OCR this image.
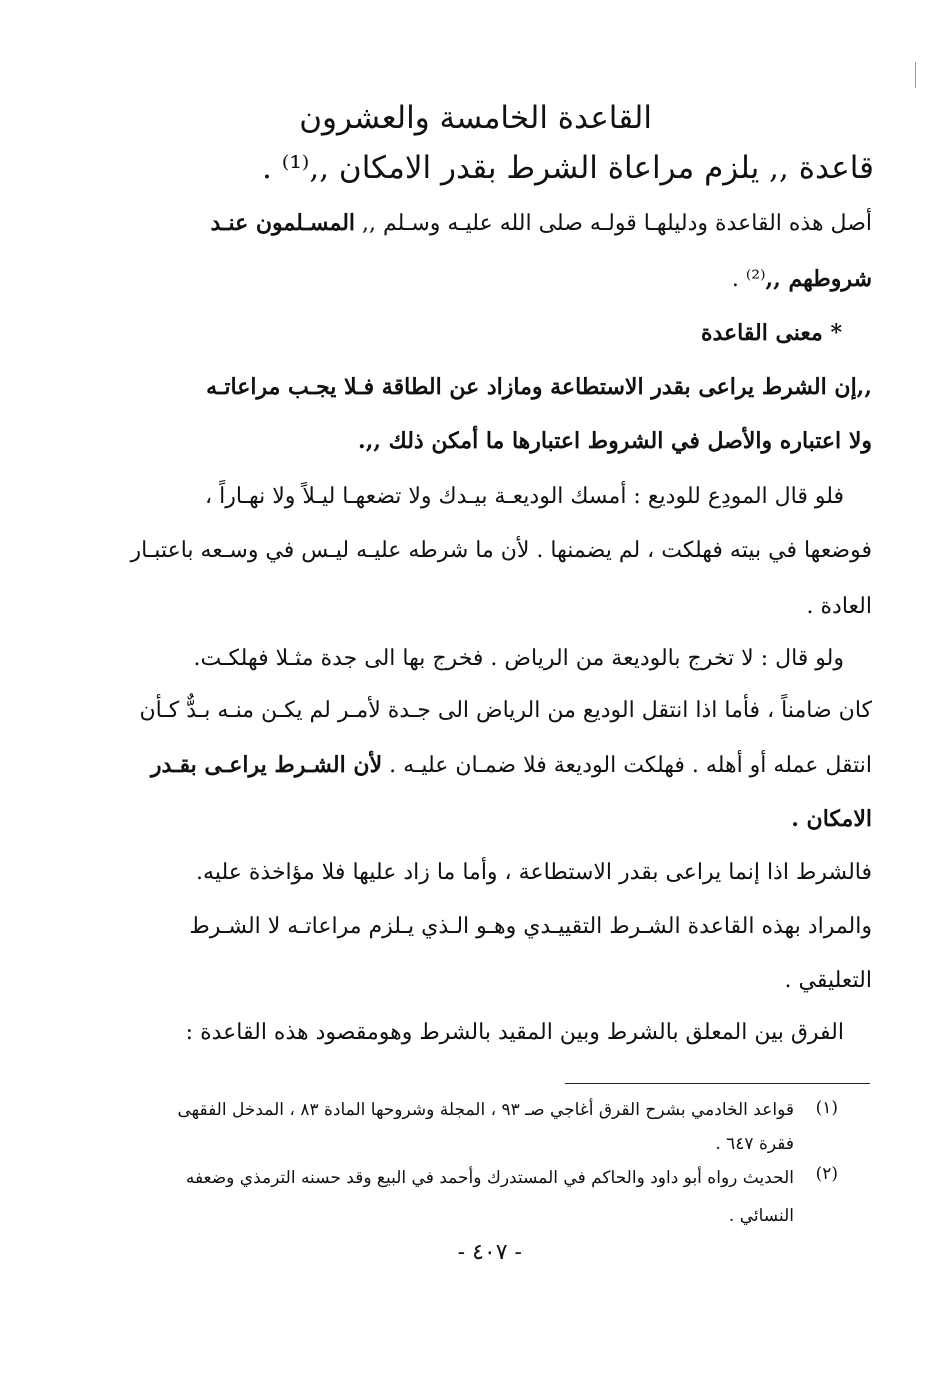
القاعدة الخامسة والعشرون

قاعدة ,, يلزم مراعاة الشرط بقدر الامكان ,,⁽¹⁾ .

أصل هذه القاعدة ودليلهـا قولـه صلى الله عليـه وسـلم ,, المسـلمون عنـد

شروطهم ,,⁽²⁾ .

* معنى القاعدة

,,إن الشرط يراعى بقدر الاستطاعة ومازاد عن الطاقة فـلا يجـب مراعاتـه

ولا اعتباره والأصل في الشروط اعتبارها ما أمكن ذلك ,,.

فلو قال المودِع للوديع : أمسك الوديعـة بيـدك ولا تضعهـا ليـلاً ولا نهـاراً ،

فوضعها في بيته فهلكت ، لم يضمنها . لأن ما شرطه عليـه ليـس في وسـعه باعتبـار

العادة .

ولو قال : لا تخرج بالوديعة من الرياض . فخرج بها الى جدة مثـلا فهلكـت.

كان ضامناً ، فأما اذا انتقل الوديع من الرياض الى جـدة لأمـر لم يكـن منـه بـدٌّ كـأن

انتقل عمله أو أهله . فهلكت الوديعة فلا ضمـان عليـه . لأن الشـرط يراعـى بقـدر

الامكان .

فالشرط اذا إنما يراعى بقدر الاستطاعة ، وأما ما زاد عليها فلا مؤاخذة عليه.

والمراد بهذه القاعدة الشـرط التقييـدي وهـو الـذي يـلزم مراعاتـه لا الشـرط

التعليقي .

الفرق بين المعلق بالشرط وبين المقيد بالشرط وهومقصود هذه القاعدة :

(١)

قواعد الخادمي بشرح القرق أغاجي صـ ٩٣ ، المجلة وشروحها المادة ٨٣ ، المدخل الفقهى

فقرة ٦٤٧ .

(٢)

الحديث رواه أبو داود والحاكم في المستدرك وأحمد في البيع وقد حسنه الترمذي وضعفه

النسائي .

- ٤٠٧ -
